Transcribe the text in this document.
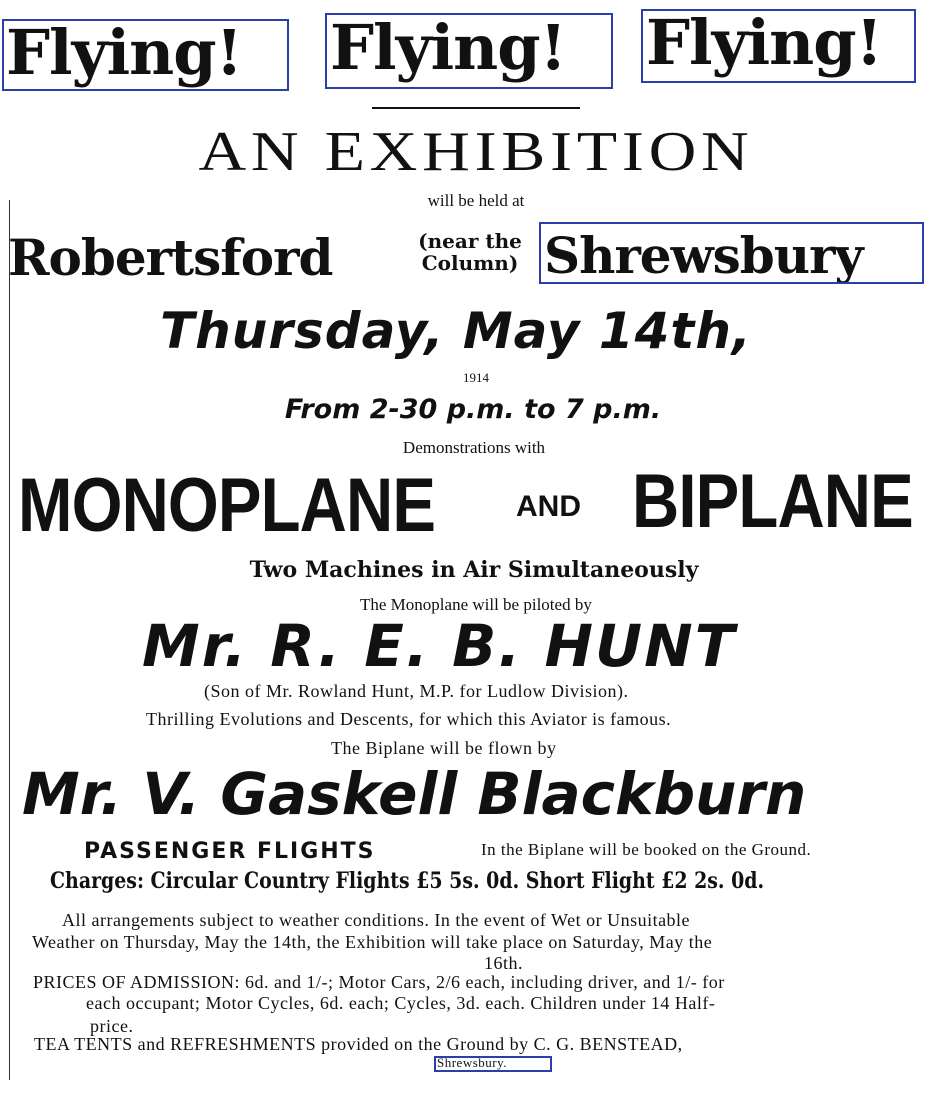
Flying! Flying! Flying!
AN EXHIBITION
will be held at
Robertsford	(near the
Column) Shrewsbury
Thursday, May 14th,
1914
From 2-30 p.m. to 7 p.m.
Demonstrations with
MONOPLANE	AND BIPLANE
Two Machines in Air Simultaneously
The Monoplane will be piloted by
Mr. R. E. B. HUNT
(Son of Mr. Rowland Hunt, M.P. for Ludlow Division).
Thrilling Evolutions and Descents, for which this Aviator is famous.
The Biplane will be flown by
Mr. V. Gaskell Blackburn
PASSENGER FLIGHTS	In the Biplane will be booked on the Ground.
Charges: Circular Country Flights £5 5s. 0d. Short Flight £2 2s. 0d.
All arrangements subject to weather conditions. In the event of Wet or Unsuitable
Weather on Thursday, May the 14th, the Exhibition will take place on Saturday, May the
16th.
PRICES OF ADMISSION: 6d. and 1/-; Motor Cars, 2/6 each, including driver, and 1/- for
each occupant; Motor Cycles, 6d. each; Cycles, 3d. each. Children under 14 Half-
price.
TEA TENTS and REFRESHMENTS provided on the Ground by C. G. BENSTEAD,
Shrewsbury.
